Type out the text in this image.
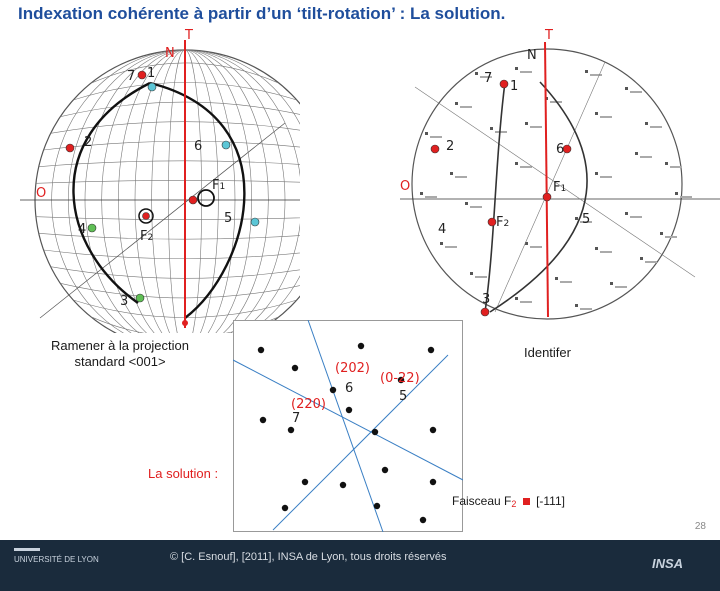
Indexation cohérente à partir d’un ‘tilt-rotation’ : La solution.
T
N
7 1
2	6
O
F1
4	F2
5
3
T
N
7
1
2	6
O	F1
4	F2	5
3
(202)
6
(0-22)
5
(220)
7
Ramener à la projection
standard <001>
Identifer
La solution :
Faisceau F2 [-111]
28
UNIVERSITÉ DE LYON	© [C. Esnouf], [2011], INSA de Lyon, tous droits réservés	INSA
